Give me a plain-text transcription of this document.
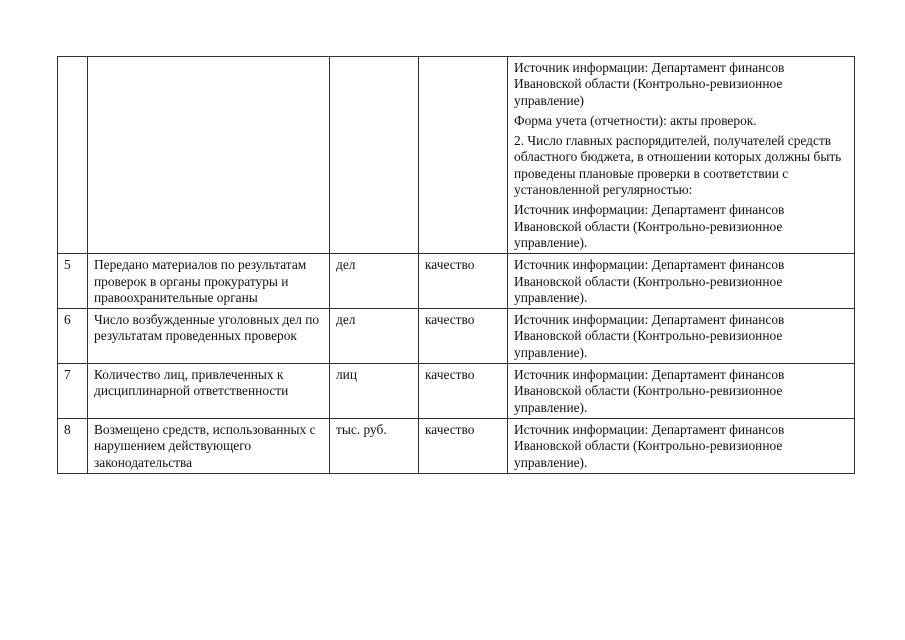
				Источник информации: Департамент финансов Ивановской области (Контрольно-ревизионное управление)

Форма учета (отчетности): акты проверок.

2. Число главных распорядителей, получателей средств областного бюджета, в отношении которых должны быть проведены плановые проверки в соответствии с установленной регулярностью:

Источник информации: Департамент финансов Ивановской области (Контрольно-ревизионное управление).

5	Передано материалов по результатам проверок в органы прокуратуры и правоохранительные органы	дел	качество	Источник информации: Департамент финансов Ивановской области (Контрольно-ревизионное управление).
6	Число возбужденные уголовных дел по результатам проведенных проверок	дел	качество	Источник информации: Департамент финансов Ивановской области (Контрольно-ревизионное управление).
7	Количество лиц, привлеченных к дисциплинарной ответственности	лиц	качество	Источник информации: Департамент финансов Ивановской области (Контрольно-ревизионное управление).
8	Возмещено средств, использованных с нарушением действующего законодательства	тыс. руб.	качество	Источник информации: Департамент финансов Ивановской области (Контрольно-ревизионное управление).
